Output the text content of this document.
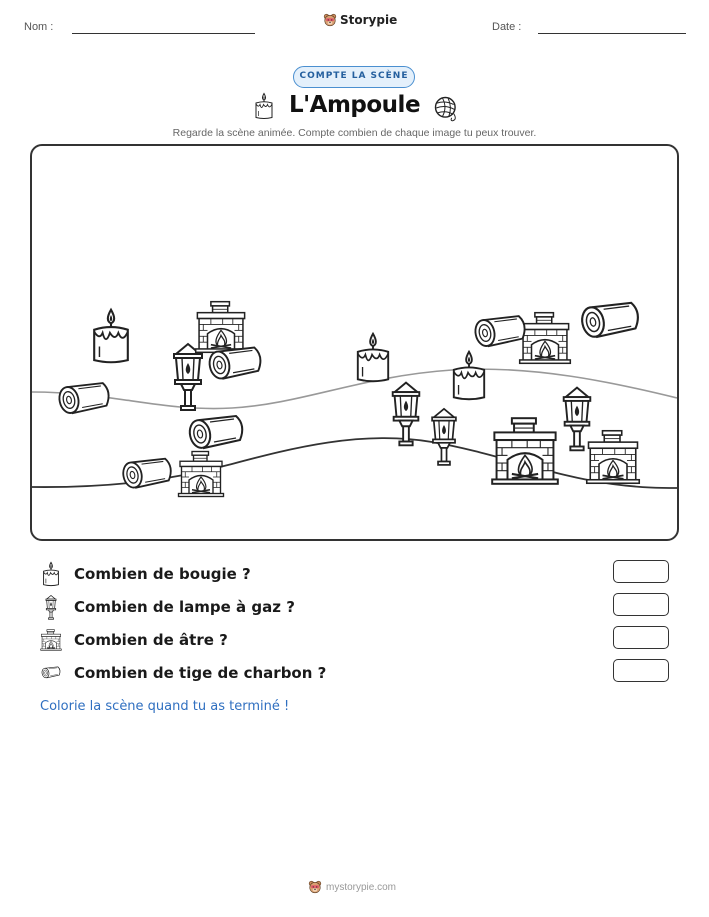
Nom :	Storypie	Date :
COMPTE LA SCÈNE
L'Ampoule
Regarde la scène animée. Compte combien de chaque image tu peux trouver.
Combien de bougie ?
Combien de lampe à gaz ?
Combien de âtre ?
Combien de tige de charbon ?
Colorie la scène quand tu as terminé !
mystorypie.com
